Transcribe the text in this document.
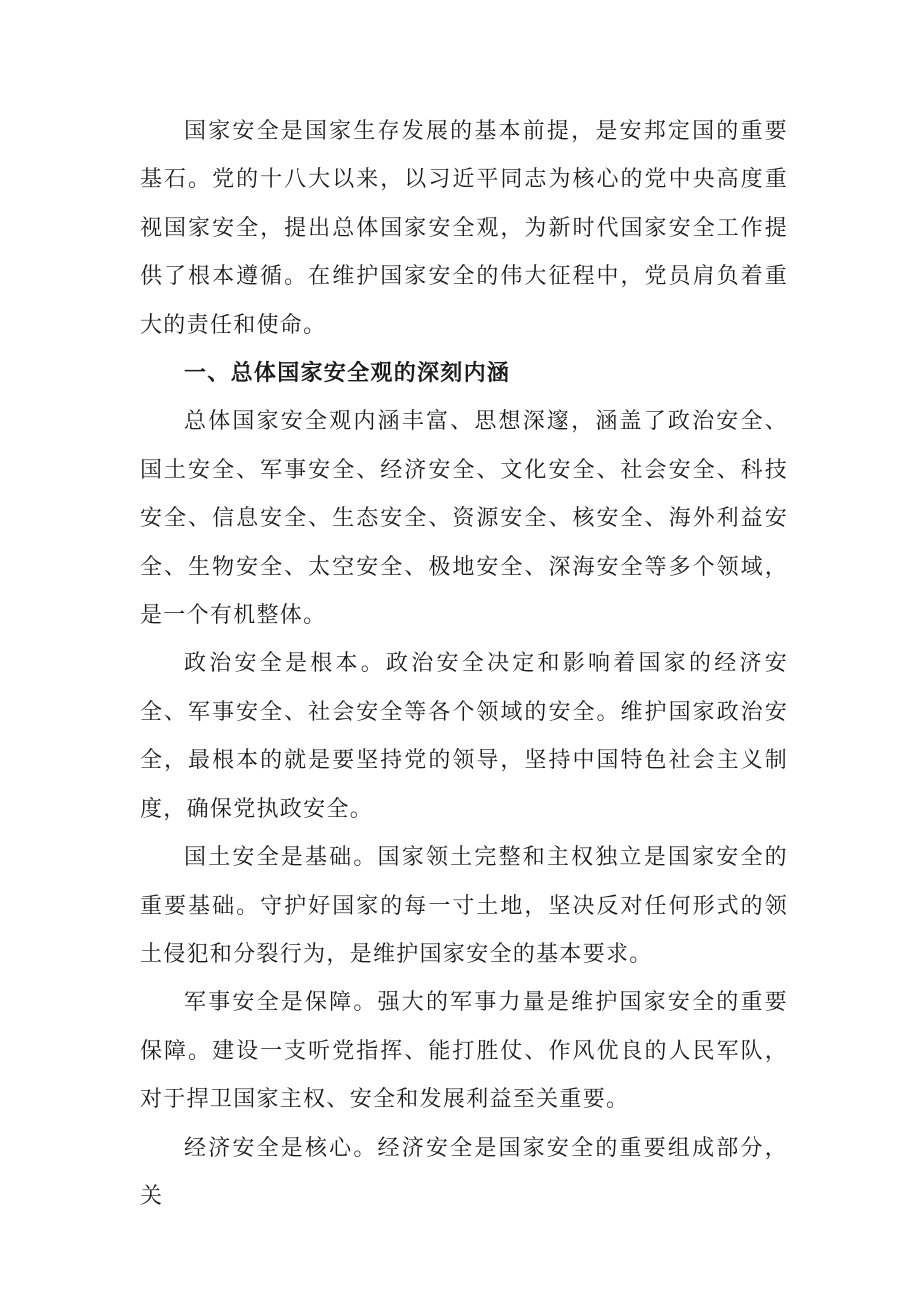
国家安全是国家生存发展的基本前提，是安邦定国的重要基石。党的十八大以来，以习近平同志为核心的党中央高度重视国家安全，提出总体国家安全观，为新时代国家安全工作提供了根本遵循。在维护国家安全的伟大征程中，党员肩负着重大的责任和使命。

一、总体国家安全观的深刻内涵

总体国家安全观内涵丰富、思想深邃，涵盖了政治安全、国土安全、军事安全、经济安全、文化安全、社会安全、科技安全、信息安全、生态安全、资源安全、核安全、海外利益安全、生物安全、太空安全、极地安全、深海安全等多个领域，是一个有机整体。

政治安全是根本。政治安全决定和影响着国家的经济安全、军事安全、社会安全等各个领域的安全。维护国家政治安全，最根本的就是要坚持党的领导，坚持中国特色社会主义制度，确保党执政安全。

国土安全是基础。国家领土完整和主权独立是国家安全的重要基础。守护好国家的每一寸土地，坚决反对任何形式的领土侵犯和分裂行为，是维护国家安全的基本要求。

军事安全是保障。强大的军事力量是维护国家安全的重要保障。建设一支听党指挥、能打胜仗、作风优良的人民军队，对于捍卫国家主权、安全和发展利益至关重要。

经济安全是核心。经济安全是国家安全的重要组成部分，关
